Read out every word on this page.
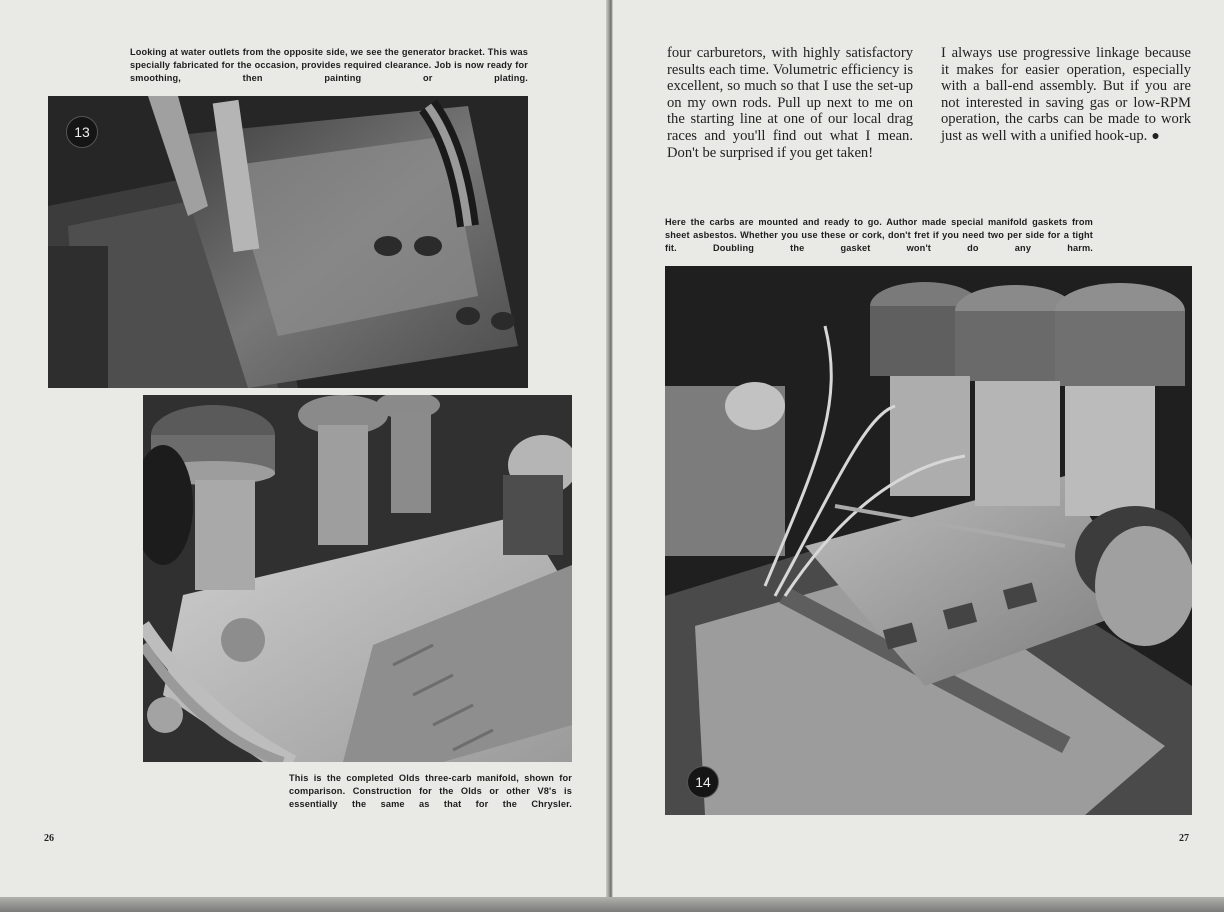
Looking at water outlets from the opposite side, we see the generator bracket. This was specially fabricated for the occasion, provides required clearance. Job is now ready for smoothing, then painting or plating.

13

This is the completed Olds three-carb manifold, shown for comparison. Construction for the Olds or other V8's is essentially the same as that for the Chrysler.

26

four carburetors, with highly satisfactory results each time. Volumetric efficiency is excellent, so much so that I use the set-up on my own rods. Pull up next to me on the starting line at one of our local drag races and you'll find out what I mean. Don't be surprised if you get taken!

I always use progressive linkage because it makes for easier operation, especially with a ball-end assembly. But if you are not interested in saving gas or low-RPM operation, the carbs can be made to work just as well with a unified hook-up. ●

Here the carbs are mounted and ready to go. Author made special manifold gaskets from sheet asbestos. Whether you use these or cork, don't fret if you need two per side for a tight fit. Doubling the gasket won't do any harm.

14
27
